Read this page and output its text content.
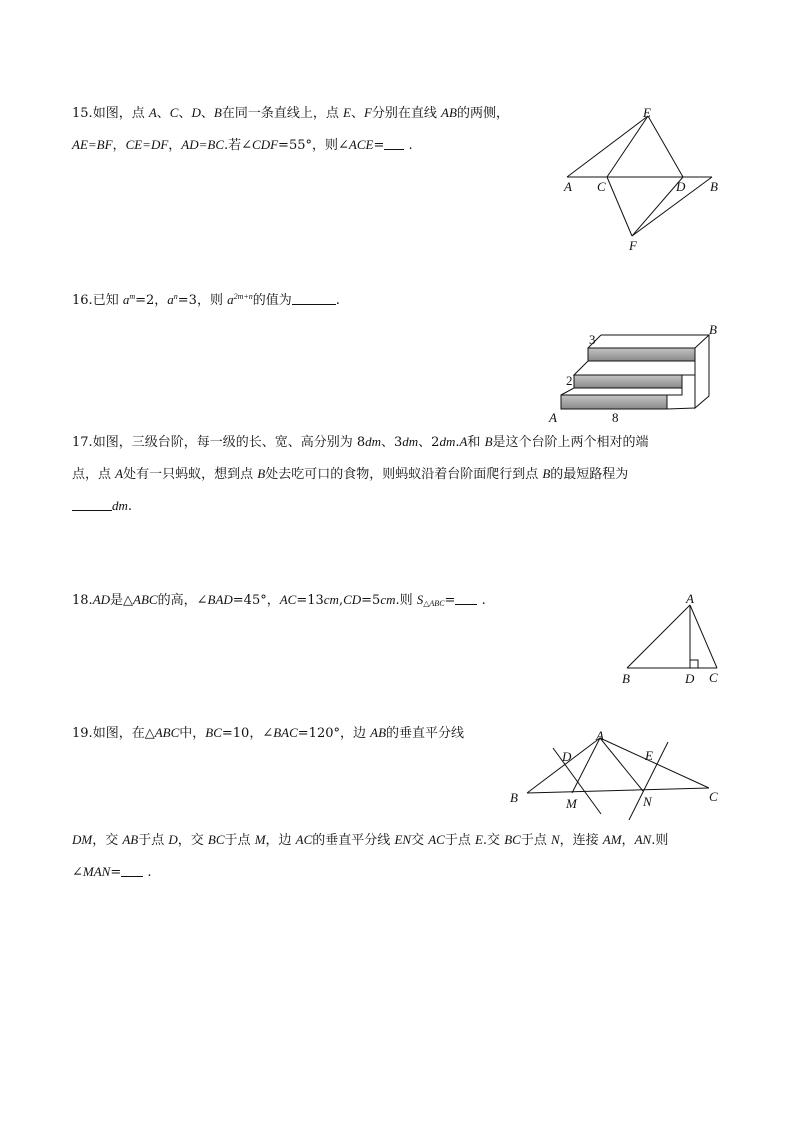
15.如图，点 A、C、D、B在同一条直线上，点 E、F分别在直线 AB的两侧，
AE=BF，CE=DF，AD=BC.若∠CDF=55°，则∠ACE= .
E
A C	D B
F
16.已知 $a^m=2$，$a^n=3$，则 $a^{2m+n}$的值为	.
B
3
2
A	8
17.如图，三级台阶，每一级的长、宽、高分别为 8dm、3dm、2dm.A和 B是这个台阶上两个相对的端
点，点 A处有一只蚂蚁，想到点 B处去吃可口的食物，则蚂蚁沿着台阶面爬行到点 B的最短路程为
dm.
18.AD是△ABC的高，∠BAD=45°，AC=13cm,CD=5cm.则 $S_{\triangle ABC}=$ .	A
B	D C
19.如图，在△ABC中，BC=10，∠BAC=120°，边 AB的垂直平分线
DM，交 AB于点 D，交 BC于点 M，边 AC的垂直平分线 EN交 AC于点 E.交 BC于点 N，连接 AM，AN.则
∠MAN= .
A
D	E
B	M	N	C
